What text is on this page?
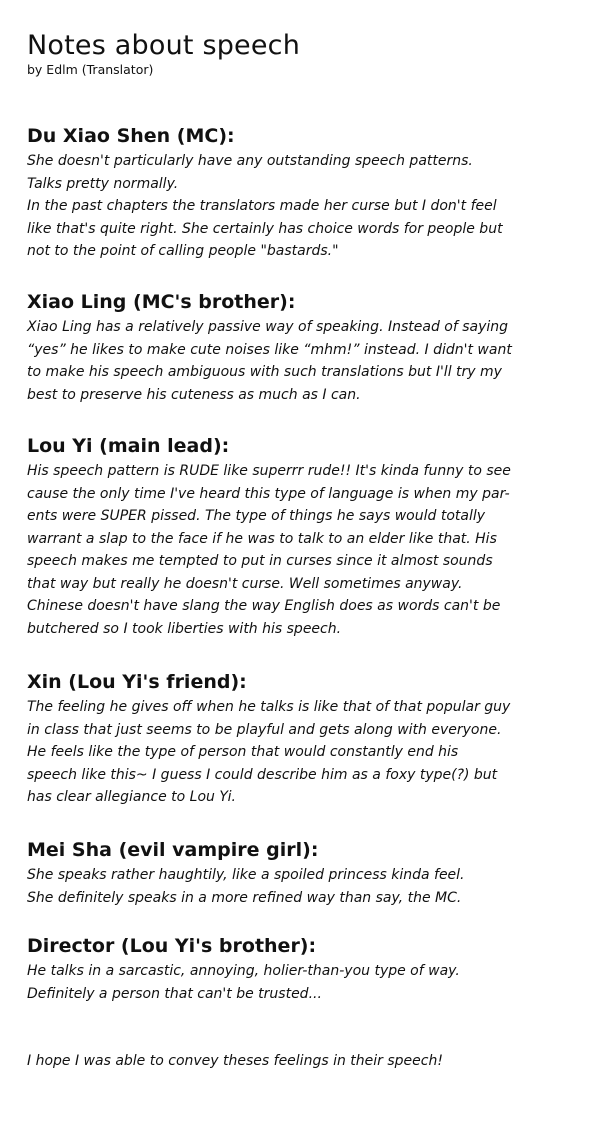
Notes about speech

by Edlm (Translator)

Du Xiao Shen (MC):

She doesn't particularly have any outstanding speech patterns.
Talks pretty normally.
In the past chapters the translators made her curse but I don't feel
like that's quite right. She certainly has choice words for people but
not to the point of calling people "bastards."

Xiao Ling (MC's brother):

Xiao Ling has a relatively passive way of speaking. Instead of saying
“yes” he likes to make cute noises like “mhm!” instead. I didn't want
to make his speech ambiguous with such translations but I'll try my
best to preserve his cuteness as much as I can.

Lou Yi (main lead):

His speech pattern is RUDE like superrr rude!! It's kinda funny to see
cause the only time I've heard this type of language is when my par-
ents were SUPER pissed. The type of things he says would totally
warrant a slap to the face if he was to talk to an elder like that. His
speech makes me tempted to put in curses since it almost sounds
that way but really he doesn't curse. Well sometimes anyway.
Chinese doesn't have slang the way English does as words can't be
butchered so I took liberties with his speech.

Xin (Lou Yi's friend):

The feeling he gives off when he talks is like that of that popular guy
in class that just seems to be playful and gets along with everyone.
He feels like the type of person that would constantly end his
speech like this~ I guess I could describe him as a foxy type(?) but
has clear allegiance to Lou Yi.

Mei Sha (evil vampire girl):

She speaks rather haughtily, like a spoiled princess kinda feel.
She definitely speaks in a more refined way than say, the MC.

Director (Lou Yi's brother):

He talks in a sarcastic, annoying, holier-than-you type of way.
Definitely a person that can't be trusted...

I hope I was able to convey theses feelings in their speech!
